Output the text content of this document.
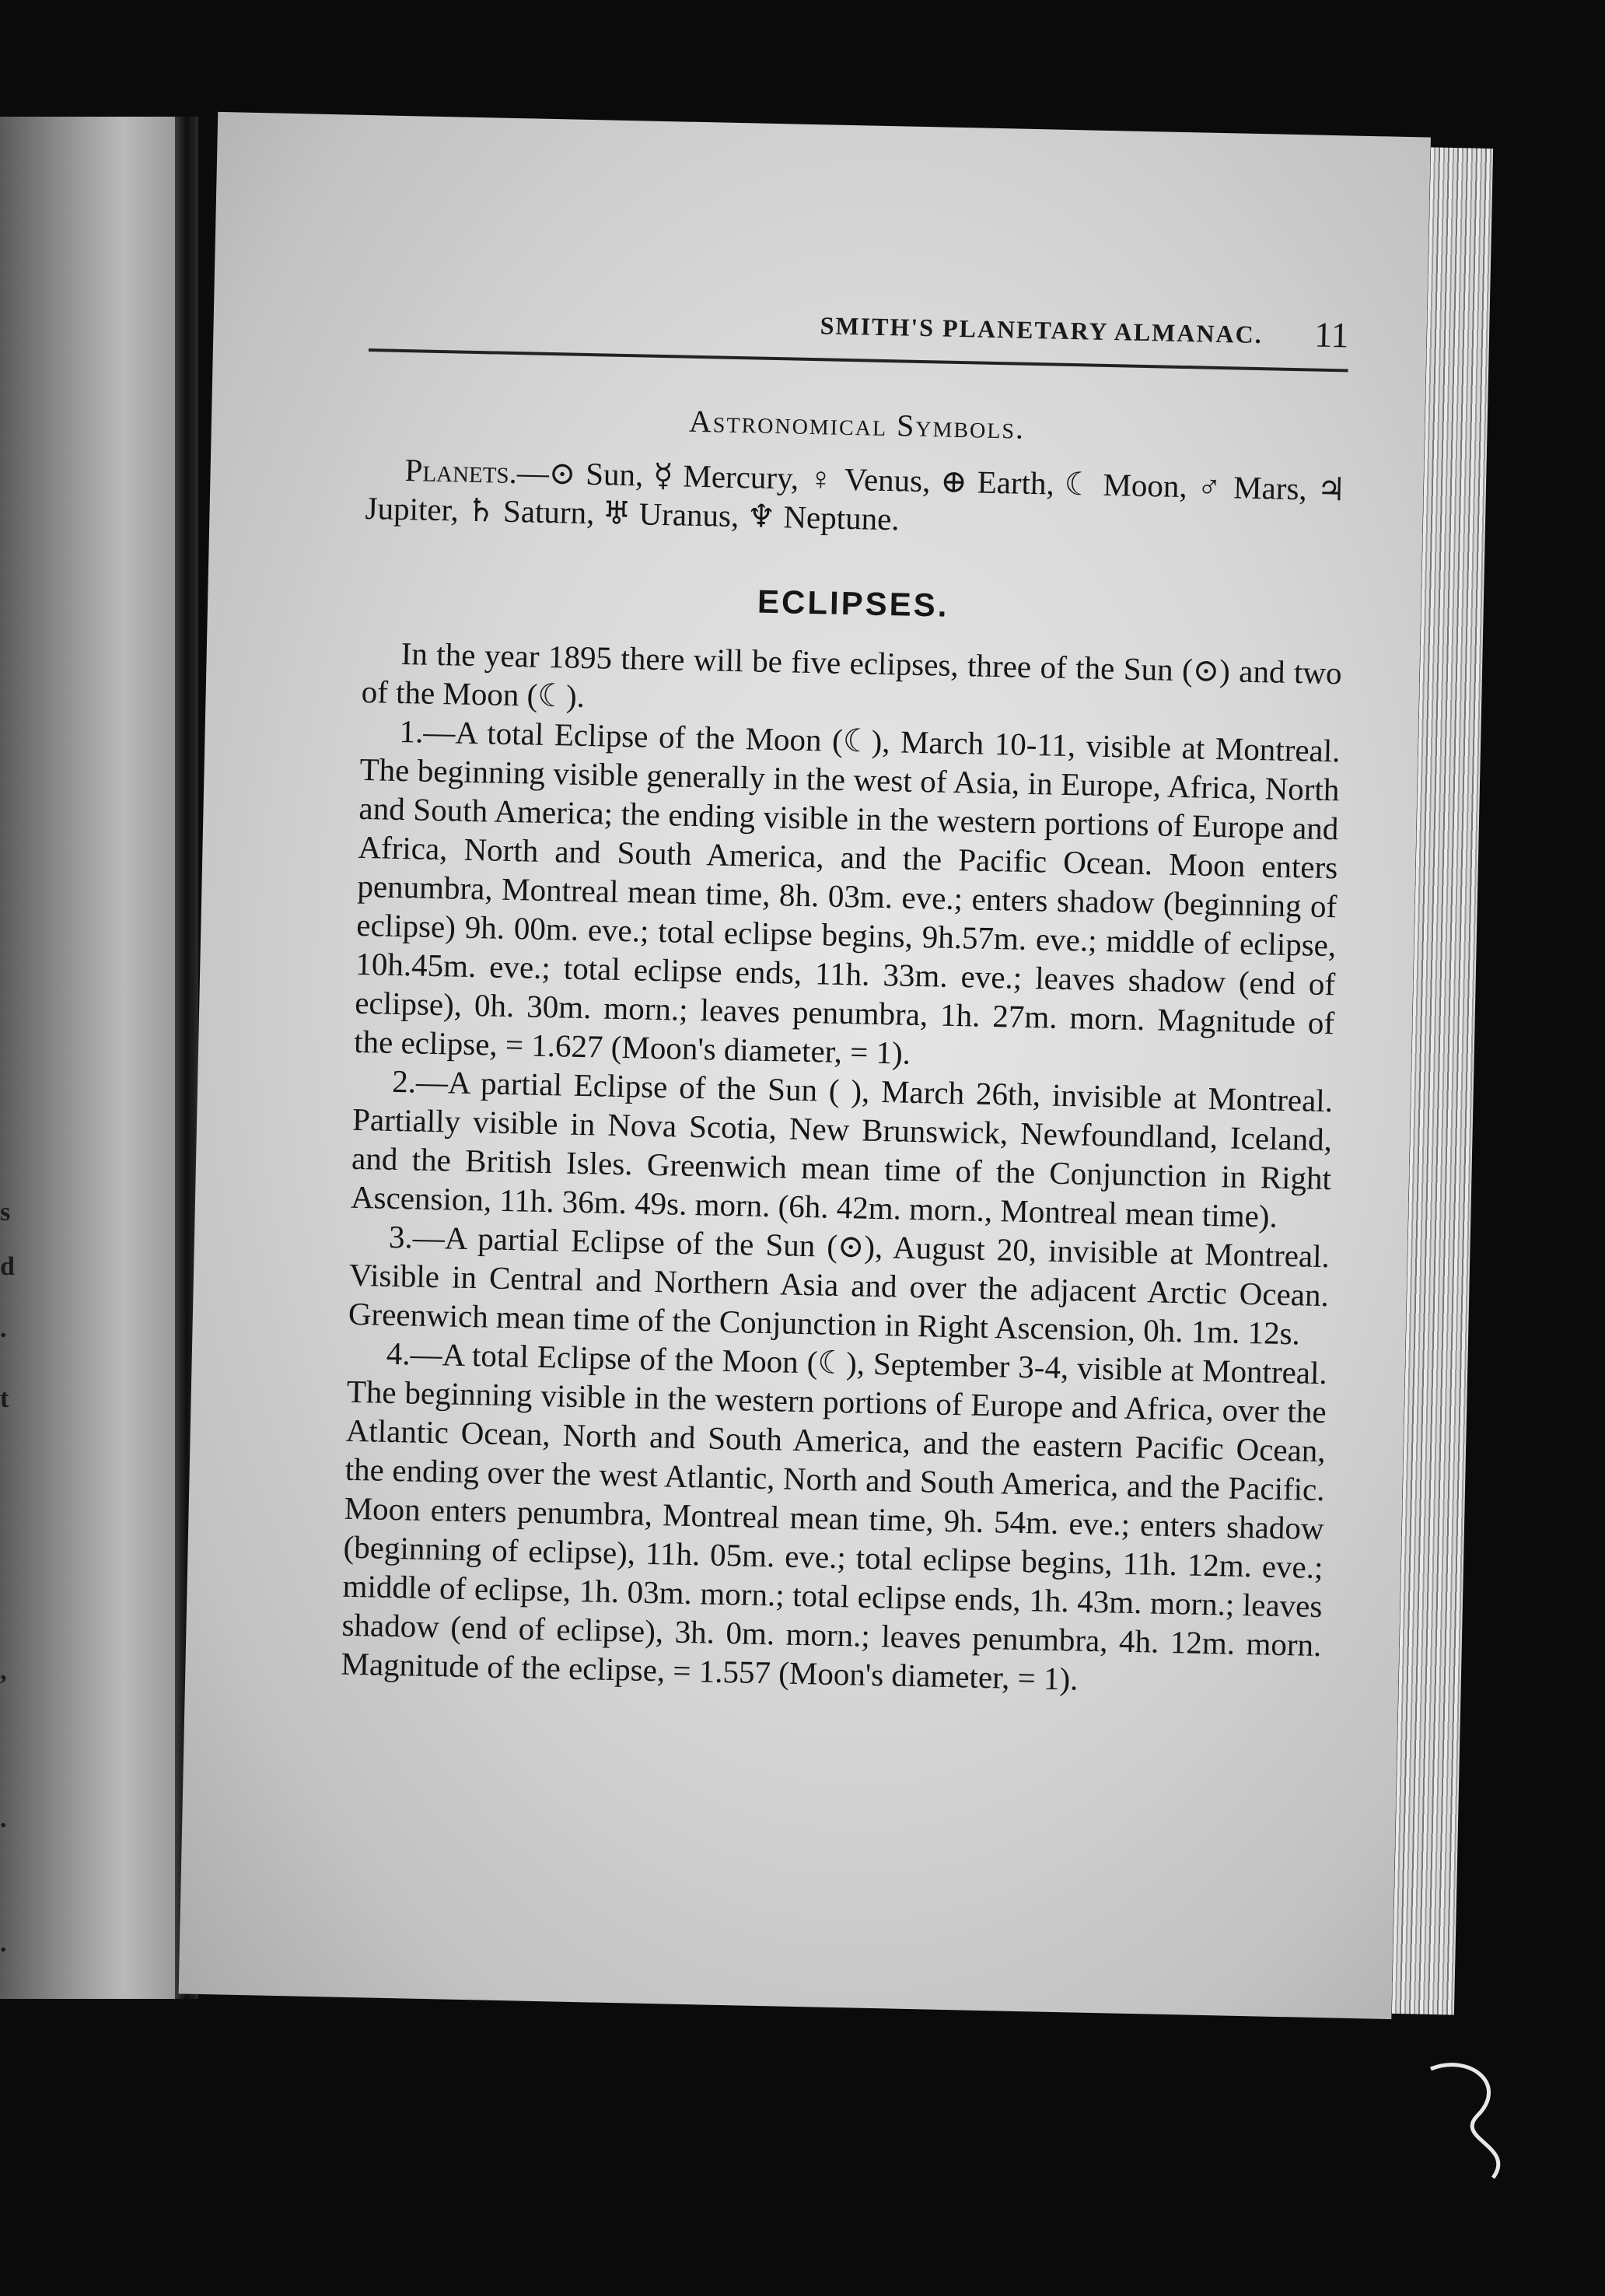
s
d
.
t
,
.
.
SMITH'S PLANETARY ALMANAC. 11
Astronomical Symbols.

Planets.—⊙ Sun, ☿ Mercury, ♀ Venus, ⊕ Earth, ☾ Moon, ♂ Mars, ♃ Jupiter, ♄ Saturn, ♅ Uranus, ♆ Neptune.

ECLIPSES.

In the year 1895 there will be five eclipses, three of the Sun (⊙) and two of the Moon (☾).

1.—A total Eclipse of the Moon (☾), March 10-11, visible at Montreal. The beginning visible generally in the west of Asia, in Europe, Africa, North and South America; the ending visible in the western portions of Europe and Africa, North and South America, and the Pacific Ocean. Moon enters penumbra, Montreal mean time, 8h. 03m. eve.; enters shadow (beginning of eclipse) 9h. 00m. eve.; total eclipse begins, 9h.57m. eve.; middle of eclipse, 10h.45m. eve.; total eclipse ends, 11h. 33m. eve.; leaves shadow (end of eclipse), 0h. 30m. morn.; leaves penumbra, 1h. 27m. morn. Magnitude of the eclipse, = 1.627 (Moon's diameter, = 1).

2.—A partial Eclipse of the Sun ( ), March 26th, invisible at Montreal. Partially visible in Nova Scotia, New Brunswick, Newfoundland, Iceland, and the British Isles. Greenwich mean time of the Conjunction in Right Ascension, 11h. 36m. 49s. morn. (6h. 42m. morn., Montreal mean time).

3.—A partial Eclipse of the Sun (⊙), August 20, invisible at Montreal. Visible in Central and Northern Asia and over the adjacent Arctic Ocean. Greenwich mean time of the Conjunction in Right Ascension, 0h. 1m. 12s.

4.—A total Eclipse of the Moon (☾), September 3-4, visible at Montreal. The beginning visible in the western portions of Europe and Africa, over the Atlantic Ocean, North and South America, and the eastern Pacific Ocean, the ending over the west Atlantic, North and South America, and the Pacific. Moon enters penumbra, Montreal mean time, 9h. 54m. eve.; enters shadow (beginning of eclipse), 11h. 05m. eve.; total eclipse begins, 11h. 12m. eve.; middle of eclipse, 1h. 03m. morn.; total eclipse ends, 1h. 43m. morn.; leaves shadow (end of eclipse), 3h. 0m. morn.; leaves penumbra, 4h. 12m. morn. Magnitude of the eclipse, = 1.557 (Moon's diameter, = 1).
